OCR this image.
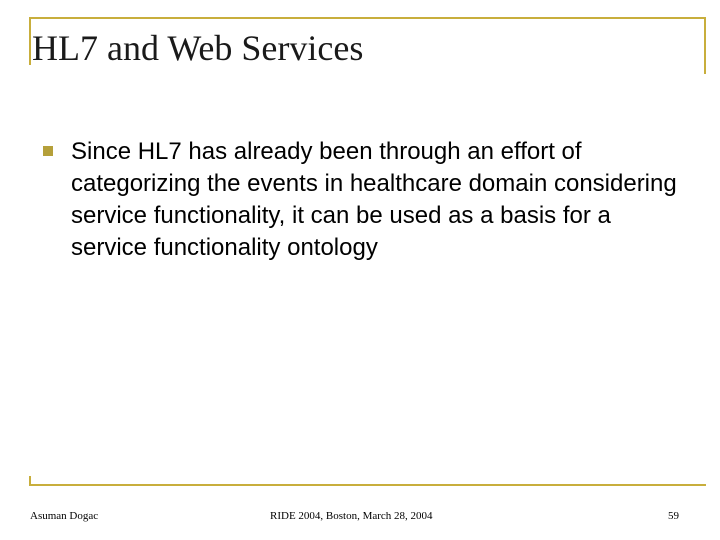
HL7 and Web Services
Since HL7 has already been through an effort of categorizing the events in healthcare domain considering service functionality, it can be used as a basis for a service functionality ontology
Asuman Dogac	RIDE 2004, Boston, March 28, 2004	59
